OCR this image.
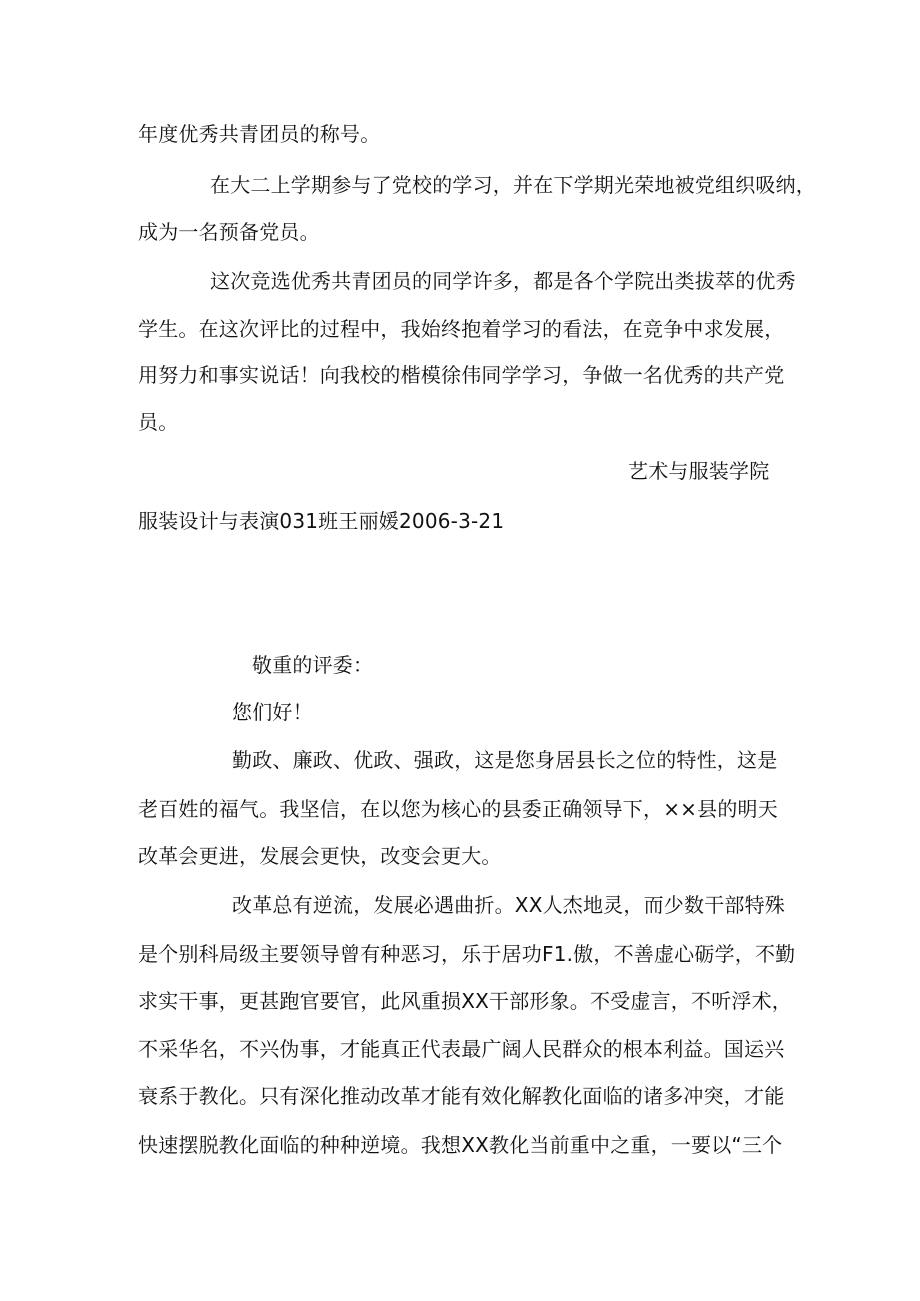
年度优秀共青团员的称号。

在大二上学期参与了党校的学习，并在下学期光荣地被党组织吸纳，

成为一名预备党员。

这次竞选优秀共青团员的同学许多，都是各个学院出类拔萃的优秀

学生。在这次评比的过程中，我始终抱着学习的看法，在竞争中求发展，

用努力和事实说话！向我校的楷模徐伟同学学习，争做一名优秀的共产党

员。

艺术与服装学院

服装设计与表演031班王丽媛2006-3-21

敬重的评委：

您们好！

勤政、廉政、优政、强政，这是您身居县长之位的特性，这是

老百姓的福气。我坚信，在以您为核心的县委正确领导下，××县的明天

改革会更进，发展会更快，改变会更大。

改革总有逆流，发展必遇曲折。XX人杰地灵，而少数干部特殊

是个别科局级主要领导曾有种恶习，乐于居功F1.傲，不善虚心砺学，不勤

求实干事，更甚跑官要官，此风重损XX干部形象。不受虚言，不听浮术，

不采华名，不兴伪事，才能真正代表最广阔人民群众的根本利益。国运兴

衰系于教化。只有深化推动改革才能有效化解教化面临的诸多冲突，才能

快速摆脱教化面临的种种逆境。我想XX教化当前重中之重，一要以“三个
